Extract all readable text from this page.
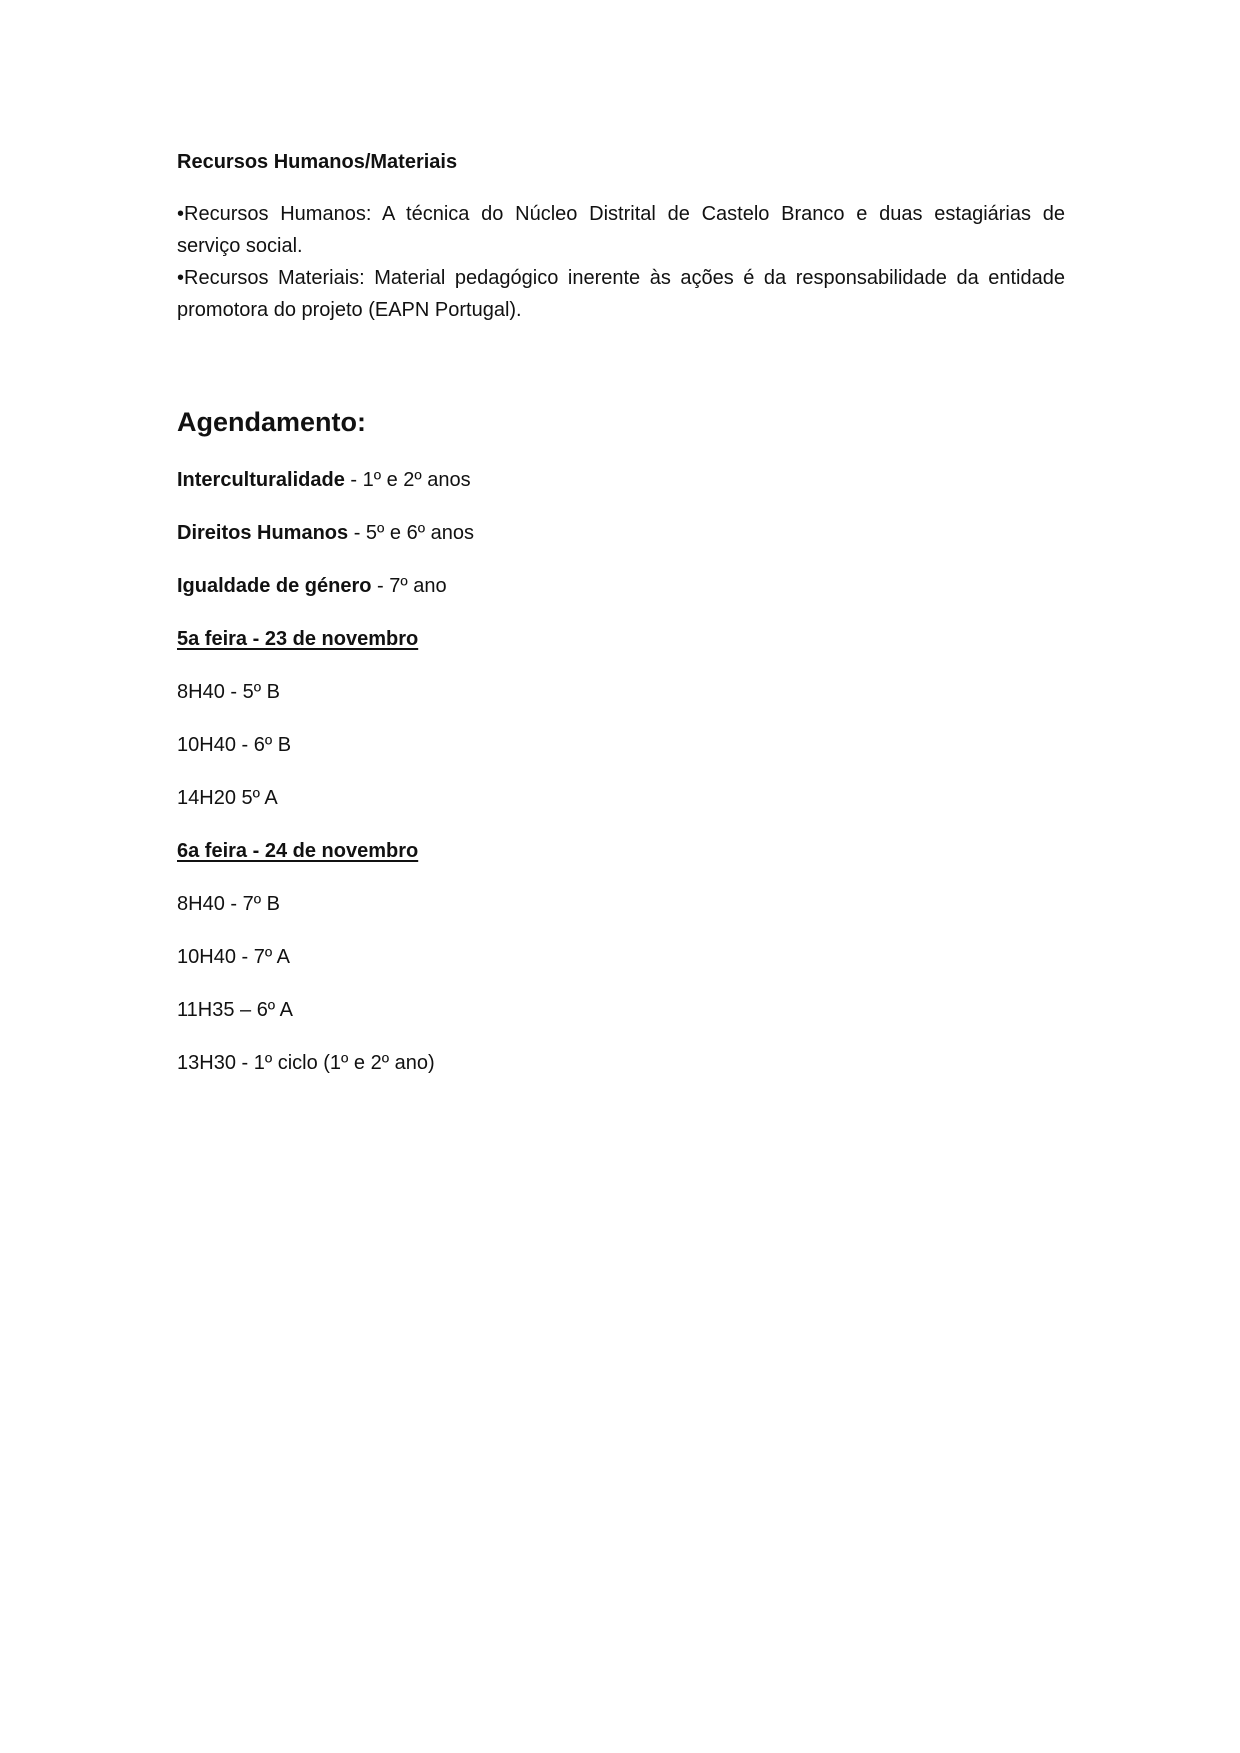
Recursos Humanos/Materiais

•Recursos Humanos: A técnica do Núcleo Distrital de Castelo Branco e duas estagiárias de
serviço social.

•Recursos Materiais: Material pedagógico inerente às ações é da responsabilidade da entidade
promotora do projeto (EAPN Portugal).

Agendamento:

Interculturalidade - 1º e 2º anos

Direitos Humanos - 5º e 6º anos

Igualdade de género - 7º ano

5a feira - 23 de novembro

8H40 - 5º B

10H40 - 6º B

14H20 5º A

6a feira - 24 de novembro

8H40 - 7º B

10H40 - 7º A

11H35 – 6º A

13H30 - 1º ciclo (1º e 2º ano)
